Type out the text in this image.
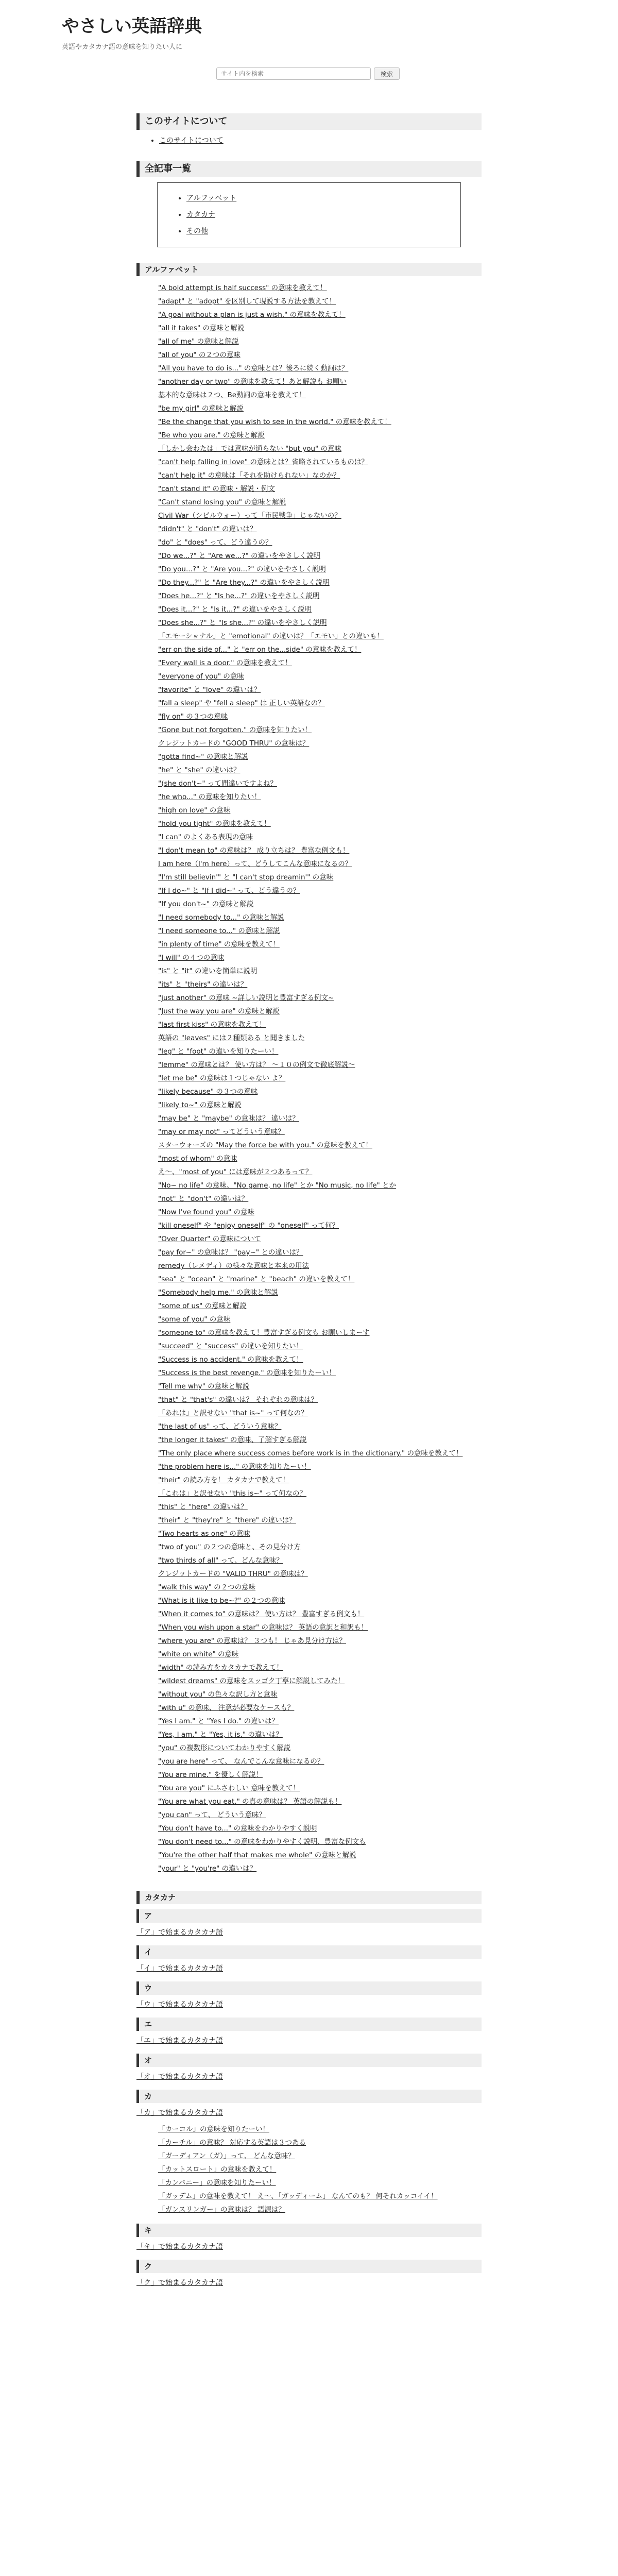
やさしい英語辞典
英語やカタカナ語の意味を知りたい人に
サイト内を検索
検索
このサイトについて
• このサイトについて
全記事一覧
• アルファベット
• カタカナ
• その他
アルファベット
1. "A bold attempt is half success" の意味を教えて！
2. "adapt" と "adopt" を区別して現説する方法を教えて！
3. "A goal without a plan is just a wish." の意味を教えて！
4. "all it takes" の意味と解説
5. "all of me" の意味と解説
6. "all of you" の２つの意味
7. "All you have to do is..." の意味とは？後ろに続く動詞は？
8. "another day or two" の意味を教えて！あと解説も お願い
9. 基本的な意味は２つ、Be動詞の意味を教えて！
10. "be my girl" の意味と解説
11. "Be the change that you wish to see in the world." の意味を教えて！
12. "Be who you are." の意味と解説
13. 「しかし会わたは」では意味が通らない "but you" の意味
14. "can't help falling in love" の意味とは？省略されているものは？
15. "can't help it" の意味は「それを助けられない」なのか？
16. "can't stand it" の意味・解説・例文
17. "Can't stand losing you" の意味と解説
18. Civil War（シビルウォー）って「市民戦争」じゃないの？
19. "didn't" と "don't" の違いは？
20. "do" と "does" って、どう違うの？
21. "Do we...?" と "Are we...?" の違いをやさしく説明
22. "Do you...?" と "Are you...?" の違いをやさしく説明
23. "Do they...?" と "Are they...?" の違いをやさしく説明
24. "Does he...?" と "Is he...?" の違いをやさしく説明
25. "Does it...?" と "Is it...?" の違いをやさしく説明
26. "Does she...?" と "Is she...?" の違いをやさしく説明
27. 「エモーショナル」と "emotional" の違いは？「エモい」との違いも！
28. "err on the side of..." と "err on the...side" の意味を教えて！
29. "Every wall is a door." の意味を教えて！
30. "everyone of you" の意味
31. "favorite" と "love" の違いは？
32. "fall a sleep" や "fell a sleep" は 正しい英語なの？
33. "fly on" の３つの意味
34. "Gone but not forgotten." の意味を知りたい！
35. クレジットカードの "GOOD THRU" の意味は？
36. "gotta find~" の意味と解説
37. "he" と "she" の違いは？
38. "(she don't~" って間違いですよね？
39. "he who..." の意味を知りたい！
40. "high on love" の意味
41. "hold you tight" の意味を教えて！
42. "I can" のよくある表現の意味
43. "I don't mean to" の意味は？ 成り立ちは？ 豊富な例文も！
44. I am here（I'm here）って、どうしてこんな意味になるの？
45. "I'm still believin'" と "I can't stop dreamin'" の意味
46. "If I do~" と "If I did~" って、どう違うの？
47. "If you don't~" の意味と解説
48. "I need somebody to..." の意味と解説
49. "I need someone to..." の意味と解説
50. "in plenty of time" の意味を教えて！
51. "I will" の４つの意味
52. "is" と "it" の違いを簡単に説明
53. "its" と "theirs" の違いは？
54. "just another" の意味 ~詳しい説明と豊富すぎる例文~
55. "Just the way you are" の意味と解説
56. "last first kiss" の意味を教えて！
57. 英語の "leaves" には２種類ある と聞きました
58. "leg" と "foot" の違いを知りたーい！
59. "lemme" の意味とは？ 使い方は？ ～１０の例文で徹底解説～
60. "let me be" の意味は１つじゃない よ？
61. "likely because" の３つの意味
62. "likely to~" の意味と解説
63. "may be" と "maybe" の意味は？ 違いは？
64. "may or may not" ってどういう意味？
65. スターウォーズの "May the force be with you." の意味を教えて！
66. "most of whom" の意味
67. え～、"most of you" には意味が２つあるって？
68. "No~ no life" の意味、"No game, no life" とか "No music, no life" とか
69. "not" と "don't" の違いは？
70. "Now I've found you" の意味
71. "kill oneself" や "enjoy oneself" の "oneself" って何？
72. "Over Quarter" の意味について
73. "pay for~" の意味は？ "pay~" との違いは？
74. remedy（レメディ）の様々な意味と本来の用法
75. "sea" と "ocean" と "marine" と "beach" の違いを教えて！
76. "Somebody help me." の意味と解説
77. "some of us" の意味と解説
78. "some of you" の意味
79. "someone to" の意味を教えて！豊富すぎる例文も お願いしまーす
80. "succeed" と "success" の違いを知りたい！
81. "Success is no accident." の意味を教えて！
82. "Success is the best revenge." の意味を知りたーい！
83. "Tell me why" の意味と解説
84. "that" と "that's" の違いは？ それぞれの意味は？
85. 「あれは」と訳せない "that is~" って何なの？
86. "the last of us" って、どういう意味？
87. "the longer it takes" の意味、了解すぎる解説
88. "The only place where success comes before work is in the dictionary." の意味を教えて！
89. "the problem here is..." の意味を知りたーい！
90. "their" の読み方を！ カタカナで教えて！
91. 「これは」と訳せない "this is~" って何なの？
92. "this" と "here" の違いは？
93. "their" と "they're" と "there" の違いは？
94. "Two hearts as one" の意味
95. "two of you" の２つの意味と、その見分け方
96. "two thirds of all" って、どんな意味？
97. クレジットカードの "VALID THRU" の意味は？
98. "walk this way" の２つの意味
99. "What is it like to be~?" の２つの意味
100. "When it comes to" の意味は？ 使い方は？ 豊富すぎる例文も！
101. "When you wish upon a star" の意味は？ 英語の意訳と和訳も！
102. "where you are" の意味は？ ３つも！ じゃあ見分け方は？
103. "white on white" の意味
104. "width" の読み方をカタカナで教えて！
105. "wildest dreams" の意味をスッゴク丁寧に解説してみた！
106. "without you" の色々な訳し方と意味
107. "with u" の意味、 注意が必要なケースも？
108. "Yes I am." と "Yes I do." の違いは？
109. "Yes, I am." と "Yes, it is." の違いは？
110. "you" の複数形についてわかりやすく解説
111. "you are here" って、 なんでこんな意味になるの？
112. "You are mine." を優しく解説！
113. "You are you" にふさわしい 意味を教えて！
114. "You are what you eat." の真の意味は？ 英語の解説も！
115. "you can" って、 どういう意味？
116. "You don't have to..." の意味をわかりやすく説明
117. "You don't need to..." の意味をわかりやすく説明、豊富な例文も
118. "You're the other half that makes me whole" の意味と解説
119. "your" と "you're" の違いは？
カタカナ
ア

「ア」で始まるカタカナ語

イ

「イ」で始まるカタカナ語

ウ

「ウ」で始まるカタカナ語

エ

「エ」で始まるカタカナ語

オ

「オ」で始まるカタカナ語

カ

「カ」で始まるカタカナ語

1. 「カーコル」の意味を知りたーい！
2. 「カーチル」の意味？ 対応する英語は３つある
3. 「ガーディアン（ガ）」って、 どんな意味？
4. 「カットスロート」の意味を教えて！
5. 「カンパニー」の意味を知りたーい！
6. 「ガッデム」の意味を教えて！ え～、「ガッディーム」 なんてのも？ 何それカッコイイ！
7. 「ガンスリンガー」の意味は？ 語源は？
キ

「キ」で始まるカタカナ語

ク

「ク」で始まるカタカナ語
